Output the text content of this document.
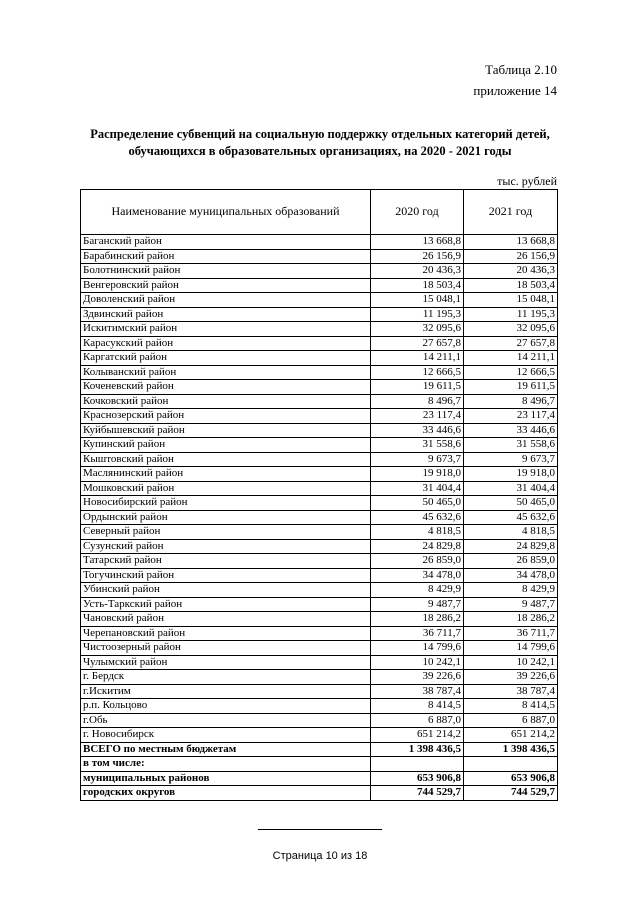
Таблица 2.10
приложение 14
Распределение субвенций на социальную поддержку отдельных категорий детей, обучающихся в образовательных организациях, на 2020 - 2021 годы
тыс. рублей
Наименование муниципальных образований	2020 год	2021 год
Баганский район	13 668,8	13 668,8
Барабинский район	26 156,9	26 156,9
Болотнинский район	20 436,3	20 436,3
Венгеровский район	18 503,4	18 503,4
Доволенский район	15 048,1	15 048,1
Здвинский район	11 195,3	11 195,3
Искитимский район	32 095,6	32 095,6
Карасукский район	27 657,8	27 657,8
Каргатский район	14 211,1	14 211,1
Колыванский район	12 666,5	12 666,5
Коченевский район	19 611,5	19 611,5
Кочковский район	8 496,7	8 496,7
Краснозерский район	23 117,4	23 117,4
Куйбышевский район	33 446,6	33 446,6
Купинский район	31 558,6	31 558,6
Кыштовский район	9 673,7	9 673,7
Маслянинский район	19 918,0	19 918,0
Мошковский район	31 404,4	31 404,4
Новосибирский район	50 465,0	50 465,0
Ордынский район	45 632,6	45 632,6
Северный район	4 818,5	4 818,5
Сузунский район	24 829,8	24 829,8
Татарский район	26 859,0	26 859,0
Тогучинский район	34 478,0	34 478,0
Убинский район	8 429,9	8 429,9
Усть-Таркский район	9 487,7	9 487,7
Чановский район	18 286,2	18 286,2
Черепановский район	36 711,7	36 711,7
Чистоозерный район	14 799,6	14 799,6
Чулымский район	10 242,1	10 242,1
г. Бердск	39 226,6	39 226,6
г.Искитим	38 787,4	38 787,4
р.п. Кольцово	8 414,5	8 414,5
г.Обь	6 887,0	6 887,0
г. Новосибирск	651 214,2	651 214,2
ВСЕГО по местным бюджетам	1 398 436,5	1 398 436,5
в том числе:		
муниципальных районов	653 906,8	653 906,8
городских округов	744 529,7	744 529,7
Страница 10 из 18
